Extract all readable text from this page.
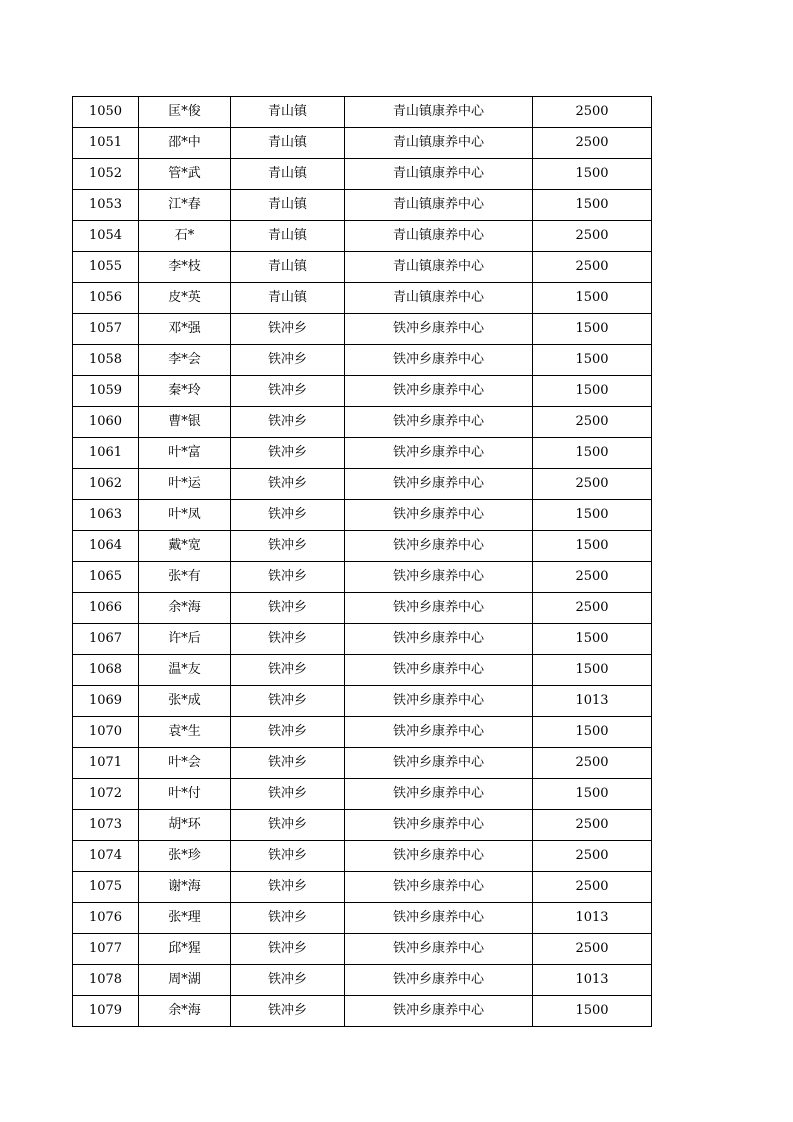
1050	匡*俊	青山镇	青山镇康养中心	2500
1051	邵*中	青山镇	青山镇康养中心	2500
1052	管*武	青山镇	青山镇康养中心	1500
1053	江*春	青山镇	青山镇康养中心	1500
1054	石*	青山镇	青山镇康养中心	2500
1055	李*枝	青山镇	青山镇康养中心	2500
1056	皮*英	青山镇	青山镇康养中心	1500
1057	邓*强	铁冲乡	铁冲乡康养中心	1500
1058	李*会	铁冲乡	铁冲乡康养中心	1500
1059	秦*玲	铁冲乡	铁冲乡康养中心	1500
1060	曹*银	铁冲乡	铁冲乡康养中心	2500
1061	叶*富	铁冲乡	铁冲乡康养中心	1500
1062	叶*运	铁冲乡	铁冲乡康养中心	2500
1063	叶*凤	铁冲乡	铁冲乡康养中心	1500
1064	戴*宽	铁冲乡	铁冲乡康养中心	1500
1065	张*有	铁冲乡	铁冲乡康养中心	2500
1066	余*海	铁冲乡	铁冲乡康养中心	2500
1067	许*后	铁冲乡	铁冲乡康养中心	1500
1068	温*友	铁冲乡	铁冲乡康养中心	1500
1069	张*成	铁冲乡	铁冲乡康养中心	1013
1070	袁*生	铁冲乡	铁冲乡康养中心	1500
1071	叶*会	铁冲乡	铁冲乡康养中心	2500
1072	叶*付	铁冲乡	铁冲乡康养中心	1500
1073	胡*环	铁冲乡	铁冲乡康养中心	2500
1074	张*珍	铁冲乡	铁冲乡康养中心	2500
1075	谢*海	铁冲乡	铁冲乡康养中心	2500
1076	张*理	铁冲乡	铁冲乡康养中心	1013
1077	邱*猩	铁冲乡	铁冲乡康养中心	2500
1078	周*湖	铁冲乡	铁冲乡康养中心	1013
1079	余*海	铁冲乡	铁冲乡康养中心	1500
